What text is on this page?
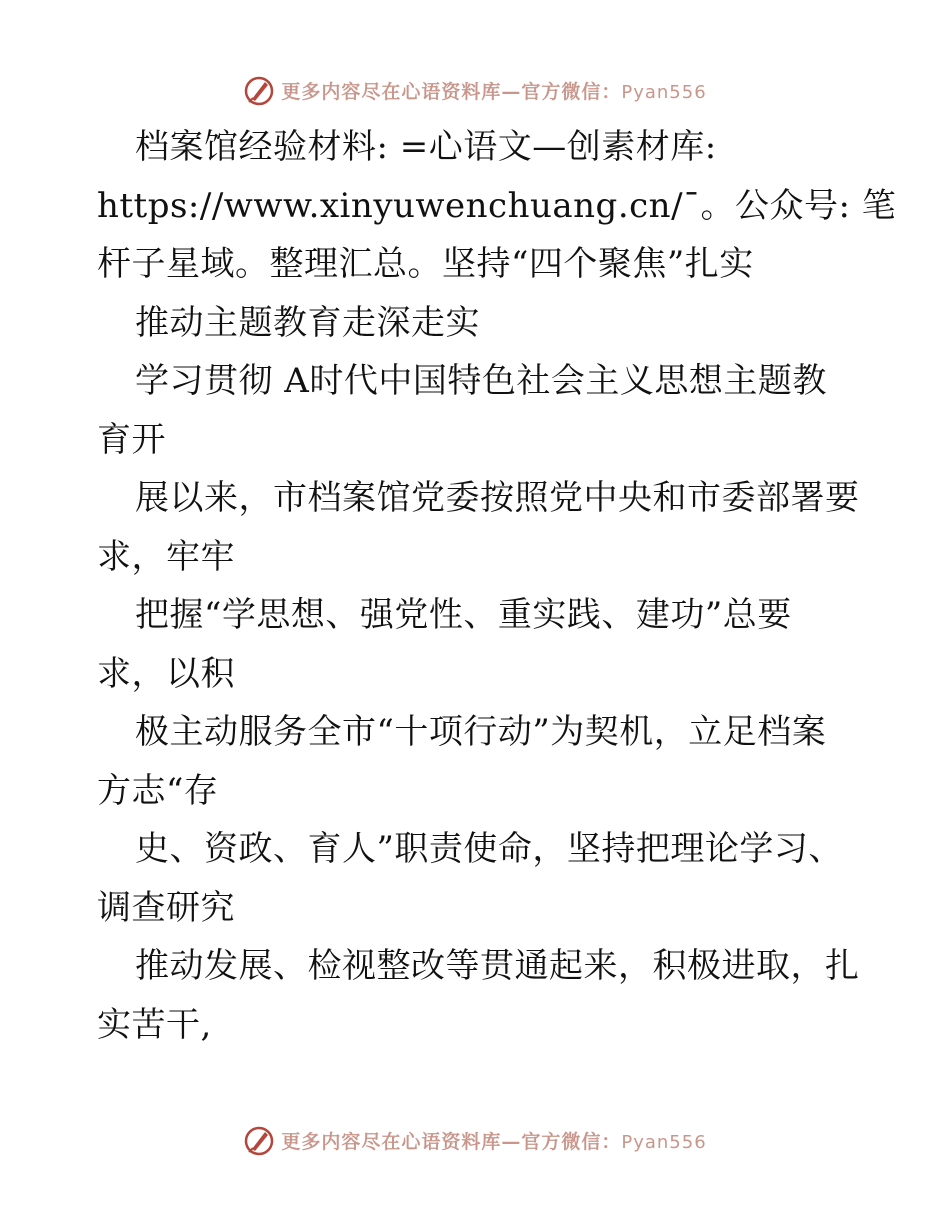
更多内容尽在心语资料库—官方微信：Pyan556
档案馆经验材料: =心语文—创素材库:
https://www.xinyuwenchuang.cn/¯。公众号: 笔
杆子星域。整理汇总。坚持“四个聚焦”扎实
推动主题教育走深走实
学习贯彻 A时代中国特色社会主义思想主题教
育开
展以来，市档案馆党委按照党中央和市委部署要
求，牢牢
把握“学思想、强党性、重实践、建功”总要
求，以积
极主动服务全市“十项行动”为契机，立足档案
方志“存
史、资政、育人”职责使命，坚持把理论学习、
调查研究
推动发展、检视整改等贯通起来，积极进取，扎
实苦干,
更多内容尽在心语资料库—官方微信：Pyan556
